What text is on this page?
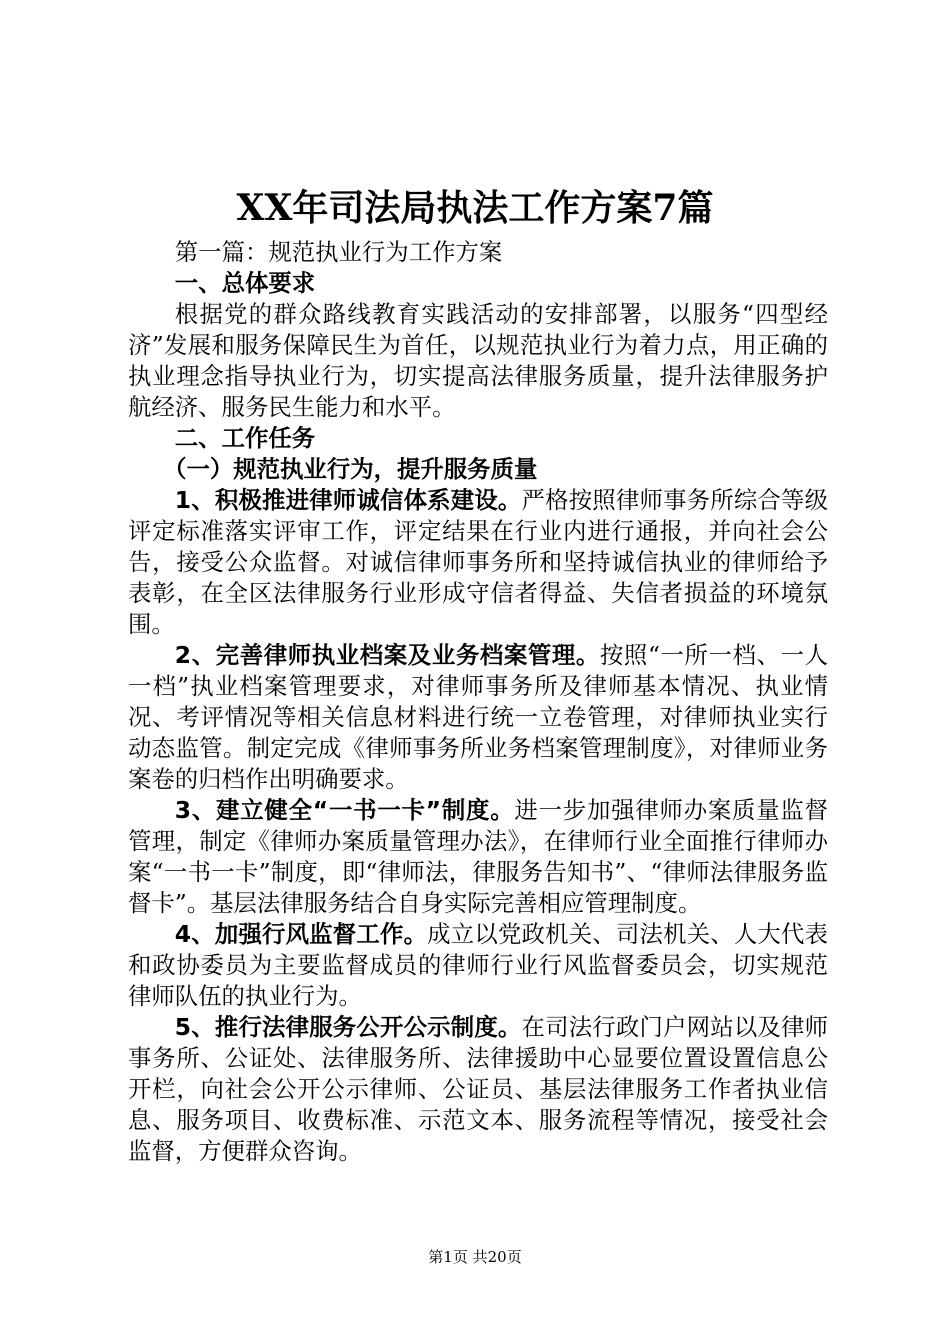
XX年司法局执法工作方案7篇

第一篇：规范执业行为工作方案

一、总体要求

根据党的群众路线教育实践活动的安排部署，以服务“四型经济”发展和服务保障民生为首任，以规范执业行为着力点，用正确的执业理念指导执业行为，切实提高法律服务质量，提升法律服务护航经济、服务民生能力和水平。

二、工作任务

（一）规范执业行为，提升服务质量

1、积极推进律师诚信体系建设。严格按照律师事务所综合等级评定标准落实评审工作，评定结果在行业内进行通报，并向社会公告，接受公众监督。对诚信律师事务所和坚持诚信执业的律师给予表彰，在全区法律服务行业形成守信者得益、失信者损益的环境氛围。

2、完善律师执业档案及业务档案管理。按照“一所一档、一人一档”执业档案管理要求，对律师事务所及律师基本情况、执业情况、考评情况等相关信息材料进行统一立卷管理，对律师执业实行动态监管。制定完成《律师事务所业务档案管理制度》，对律师业务案卷的归档作出明确要求。

3、建立健全“一书一卡”制度。进一步加强律师办案质量监督管理，制定《律师办案质量管理办法》，在律师行业全面推行律师办案“一书一卡”制度，即“律师法，律服务告知书”、“律师法律服务监督卡”。基层法律服务结合自身实际完善相应管理制度。

4、加强行风监督工作。成立以党政机关、司法机关、人大代表和政协委员为主要监督成员的律师行业行风监督委员会，切实规范律师队伍的执业行为。

5、推行法律服务公开公示制度。在司法行政门户网站以及律师事务所、公证处、法律服务所、法律援助中心显要位置设置信息公开栏，向社会公开公示律师、公证员、基层法律服务工作者执业信息、服务项目、收费标准、示范文本、服务流程等情况，接受社会监督，方便群众咨询。

第1页 共20页
